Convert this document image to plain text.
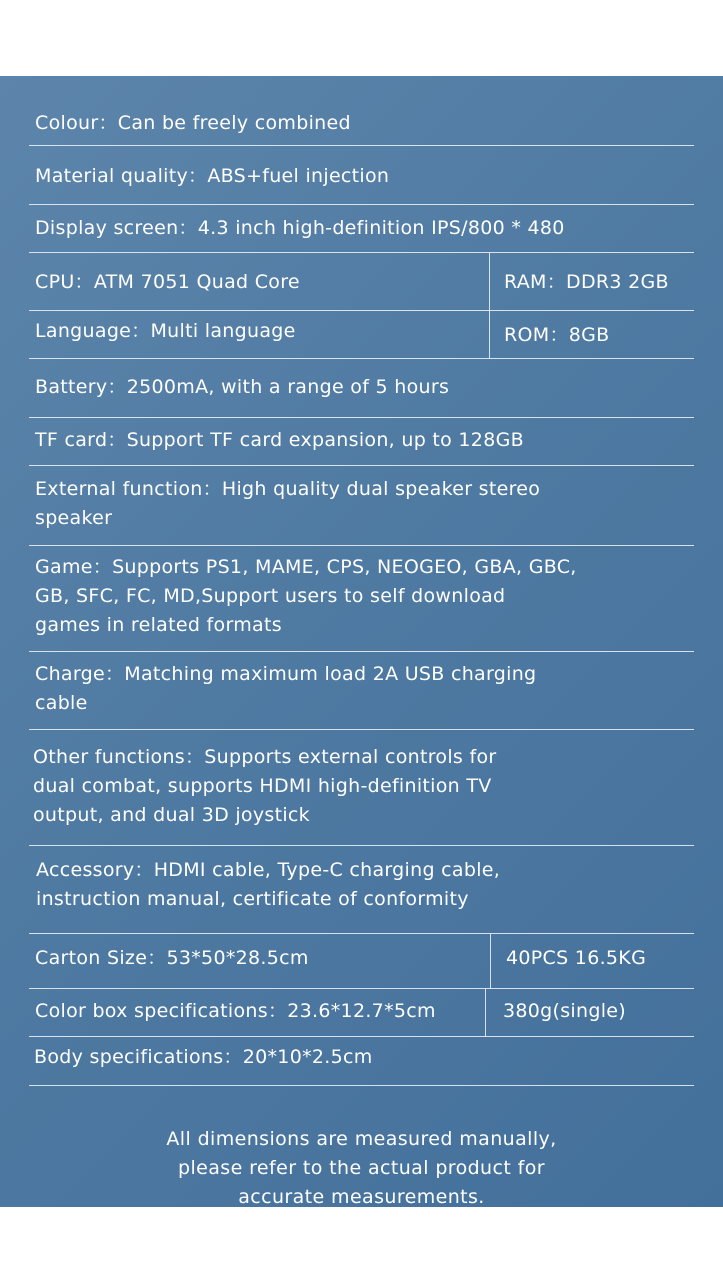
Colour：Can be freely combined
Material quality：ABS+fuel injection
Display screen：4.3 inch high-definition IPS/800 * 480
CPU：ATM 7051 Quad Core	RAM：DDR3 2GB
Language：Multi language	ROM：8GB
Battery：2500mA, with a range of 5 hours
TF card：Support TF card expansion, up to 128GB
External function：High quality dual speaker stereo
speaker
Game：Supports PS1, MAME, CPS, NEOGEO, GBA, GBC,
GB, SFC, FC, MD,Support users to self download
games in related formats
Charge：Matching maximum load 2A USB charging
cable
Other functions：Supports external controls for
dual combat, supports HDMI high-definition TV
output, and dual 3D joystick
Accessory：HDMI cable, Type-C charging cable,
instruction manual, certificate of conformity
Carton Size：53*50*28.5cm	40PCS 16.5KG
Color box specifications：23.6*12.7*5cm	380g(single)
Body specifications：20*10*2.5cm
All dimensions are measured manually,
please refer to the actual product for
accurate measurements.
